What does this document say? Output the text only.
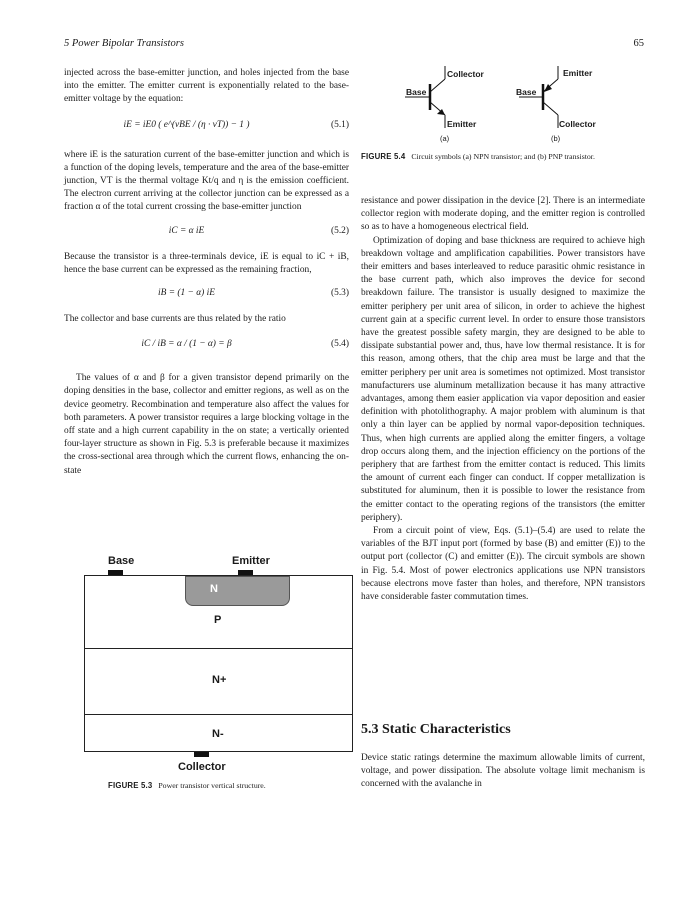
5 Power Bipolar Transistors	65

injected across the base-emitter junction, and holes injected from the base into the emitter. The emitter current is exponentially related to the base-emitter voltage by the equation:

iE = iE0 ( e^(vBE / (η · vT)) − 1 )	(5.1)

where iE is the saturation current of the base-emitter junction and which is a function of the doping levels, temperature and the area of the base-emitter junction, VT is the thermal voltage Kt/q and η is the emission coefficient. The electron current arriving at the collector junction can be expressed as a fraction α of the total current crossing the base-emitter junction

iC = α iE	(5.2)

Because the transistor is a three-terminals device, iE is equal to iC + iB, hence the base current can be expressed as the remaining fraction,

iB = (1 − α) iE	(5.3)

The collector and base currents are thus related by the ratio

iC / iB = α / (1 − α) = β	(5.4)

The values of α and β for a given transistor depend primarily on the doping densities in the base, collector and emitter regions, as well as on the device geometry. Recombination and temperature also affect the values for both parameters. A power transistor requires a large blocking voltage in the off state and a high current capability in the on state; a vertically oriented four-layer structure as shown in Fig. 5.3 is preferable because it maximizes the cross-sectional area through which the current flows, enhancing the on-state

Base	Emitter
N
P
N+
N-
Collector
FIGURE 5.3 Power transistor vertical structure.
Collector
Base
Emitter
(a)
Emitter
Base
Collector
(b)
FIGURE 5.4 Circuit symbols (a) NPN transistor; and (b) PNP transistor.

resistance and power dissipation in the device [2]. There is an intermediate collector region with moderate doping, and the emitter region is controlled so as to have a homogeneous electrical field.

Optimization of doping and base thickness are required to achieve high breakdown voltage and amplification capabilities. Power transistors have their emitters and bases interleaved to reduce parasitic ohmic resistance in the base current path, which also improves the device for second breakdown failure. The transistor is usually designed to maximize the emitter periphery per unit area of silicon, in order to achieve the highest current gain at a specific current level. In order to ensure those transistors have the greatest possible safety margin, they are designed to be able to dissipate substantial power and, thus, have low thermal resistance. It is for this reason, among others, that the chip area must be large and that the emitter periphery per unit area is sometimes not optimized. Most transistor manufacturers use aluminum metallization because it has many attractive advantages, among them easier application via vapor deposition and easier definition with photolithography. A major problem with aluminum is that only a thin layer can be applied by normal vapor-deposition techniques. Thus, when high currents are applied along the emitter fingers, a voltage drop occurs along them, and the injection efficiency on the portions of the periphery that are farthest from the emitter contact is reduced. This limits the amount of current each finger can conduct. If copper metallization is substituted for aluminum, then it is possible to lower the resistance from the emitter contact to the operating regions of the transistors (the emitter periphery).

From a circuit point of view, Eqs. (5.1)–(5.4) are used to relate the variables of the BJT input port (formed by base (B) and emitter (E)) to the output port (collector (C) and emitter (E)). The circuit symbols are shown in Fig. 5.4. Most of power electronics applications use NPN transistors because electrons move faster than holes, and therefore, NPN transistors have considerable faster commutation times.

5.3 Static Characteristics

Device static ratings determine the maximum allowable limits of current, voltage, and power dissipation. The absolute voltage limit mechanism is concerned with the avalanche in
